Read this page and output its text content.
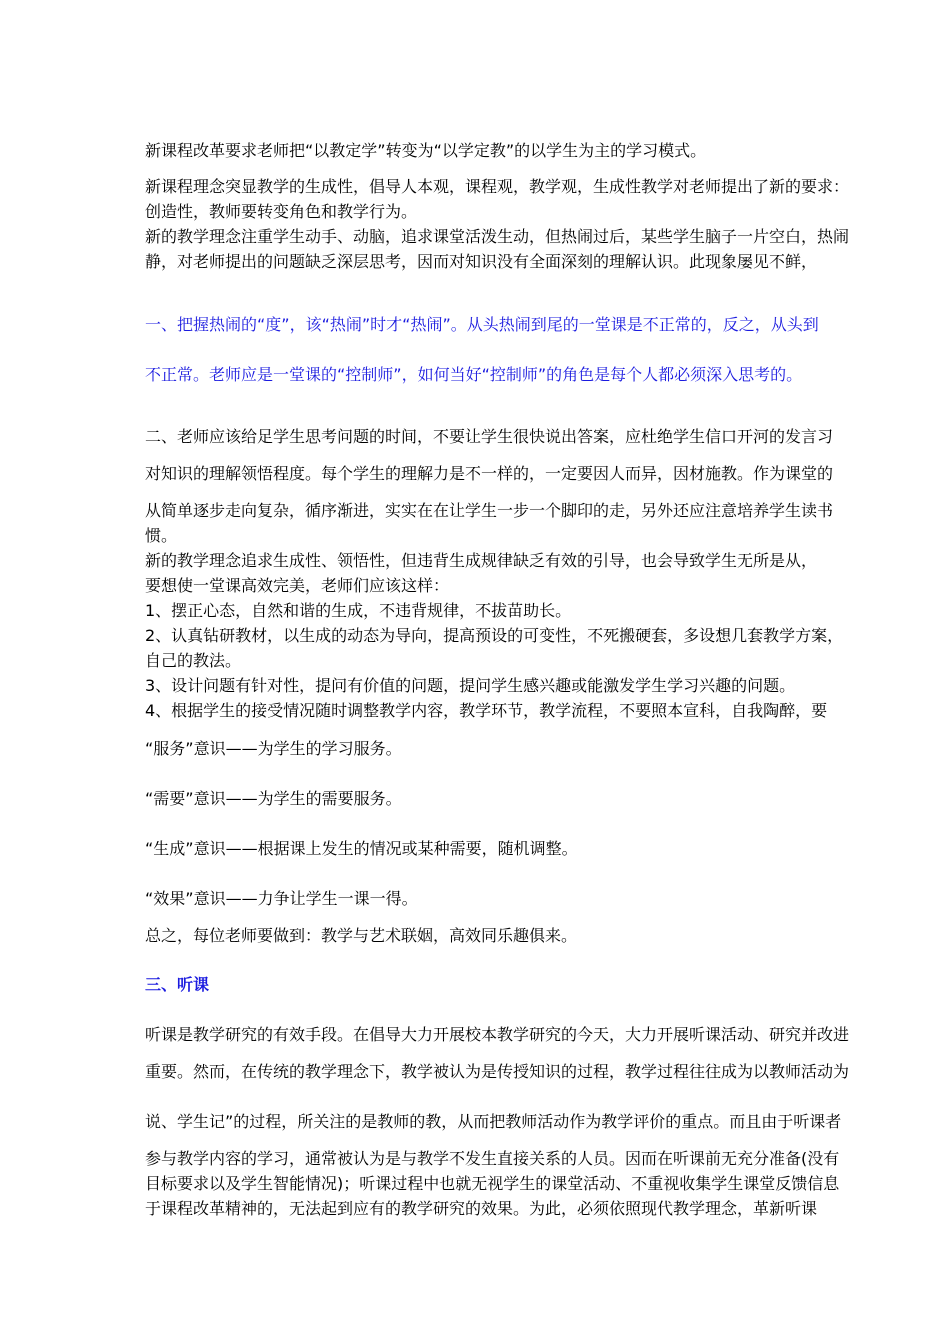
新课程改革要求老师把“以教定学”转变为“以学定教”的以学生为主的学习模式。
新课程理念突显教学的生成性，倡导人本观，课程观，教学观，生成性教学对老师提出了新的要求：
创造性，教师要转变角色和教学行为。
新的教学理念注重学生动手、动脑，追求课堂活泼生动，但热闹过后，某些学生脑子一片空白，热闹
静，对老师提出的问题缺乏深层思考，因而对知识没有全面深刻的理解认识。此现象屡见不鲜，
一、把握热闹的“度”，该“热闹”时才“热闹”。从头热闹到尾的一堂课是不正常的，反之，从头到
不正常。老师应是一堂课的“控制师”，如何当好“控制师”的角色是每个人都必须深入思考的。
二、老师应该给足学生思考问题的时间，不要让学生很快说出答案，应杜绝学生信口开河的发言习
对知识的理解领悟程度。每个学生的理解力是不一样的，一定要因人而异，因材施教。作为课堂的
从简单逐步走向复杂，循序渐进，实实在在让学生一步一个脚印的走，另外还应注意培养学生读书
惯。
新的教学理念追求生成性、领悟性，但违背生成规律缺乏有效的引导，也会导致学生无所是从，
要想使一堂课高效完美，老师们应该这样：
1、摆正心态，自然和谐的生成，不违背规律，不拔苗助长。
2、认真钻研教材，以生成的动态为导向，提高预设的可变性，不死搬硬套，多设想几套教学方案，
自己的教法。
3、设计问题有针对性，提问有价值的问题，提问学生感兴趣或能激发学生学习兴趣的问题。
4、根据学生的接受情况随时调整教学内容，教学环节，教学流程，不要照本宣科，自我陶醉，要
“服务”意识——为学生的学习服务。
“需要”意识——为学生的需要服务。
“生成”意识——根据课上发生的情况或某种需要，随机调整。
“效果”意识——力争让学生一课一得。
总之，每位老师要做到：教学与艺术联姻，高效同乐趣俱来。
三、听课
听课是教学研究的有效手段。在倡导大力开展校本教学研究的今天，大力开展听课活动、研究并改进
重要。然而，在传统的教学理念下，教学被认为是传授知识的过程，教学过程往往成为以教师活动为
说、学生记”的过程，所关注的是教师的教，从而把教师活动作为教学评价的重点。而且由于听课者
参与教学内容的学习，通常被认为是与教学不发生直接关系的人员。因而在听课前无充分准备(没有
目标要求以及学生智能情况)；听课过程中也就无视学生的课堂活动、不重视收集学生课堂反馈信息
于课程改革精神的，无法起到应有的教学研究的效果。为此，必须依照现代教学理念，革新听课
